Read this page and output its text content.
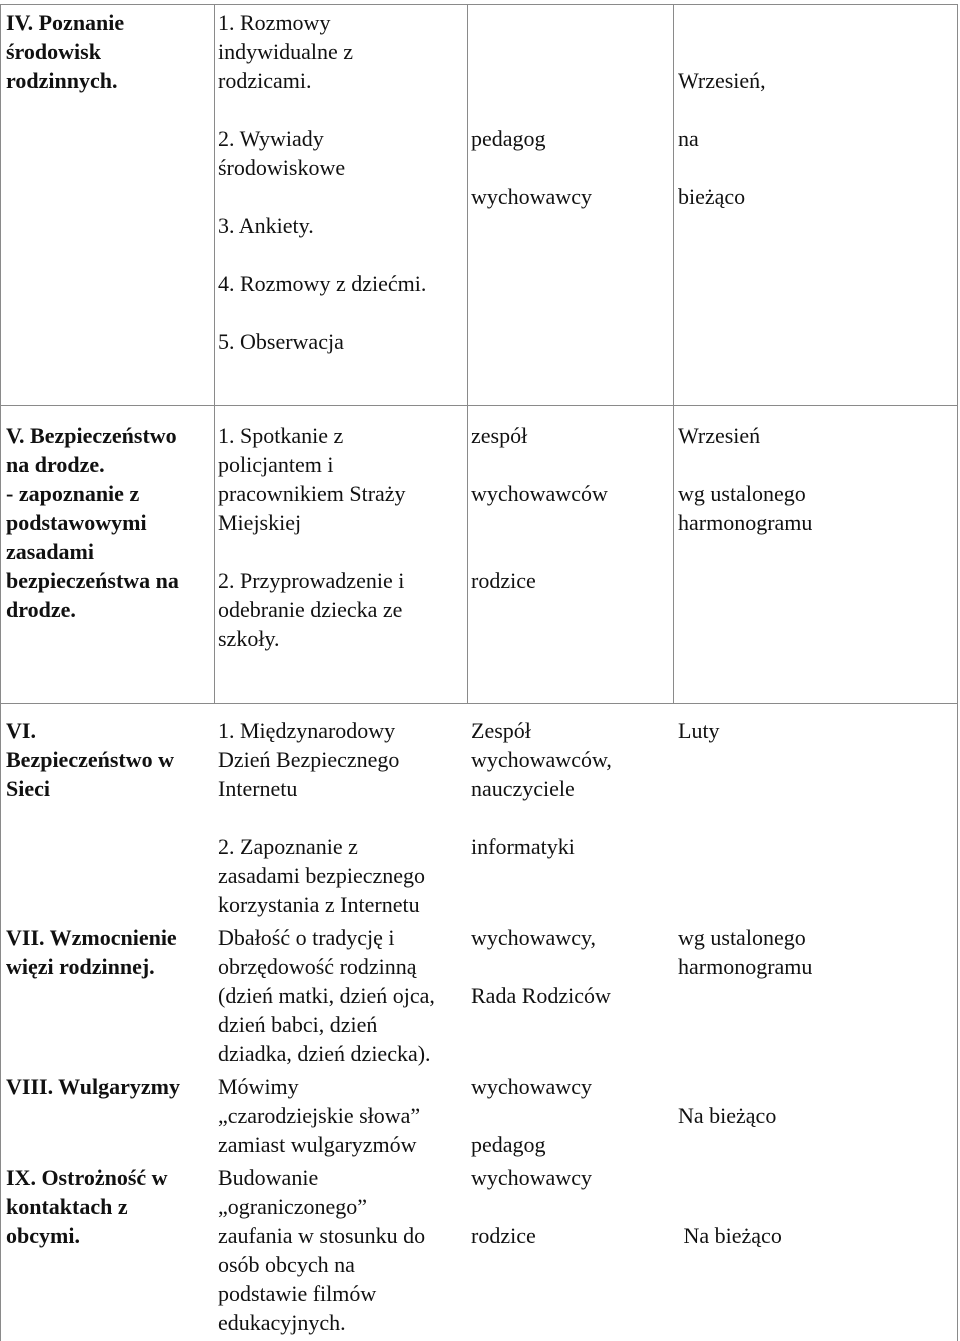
IV. Poznanie

środowisk

rodzinnych.

1. Rozmowy

indywidualne z

rodzicami.

2. Wywiady

środowiskowe

3. Ankiety.

4. Rozmowy z dziećmi.

5. Obserwacja

pedagog

wychowawcy

Wrzesień,

na

bieżąco

V. Bezpieczeństwo

na drodze.

- zapoznanie z

podstawowymi

zasadami

bezpieczeństwa na

drodze.

1. Spotkanie z

policjantem i

pracownikiem Straży

Miejskiej

2. Przyprowadzenie i

odebranie dziecka ze

szkoły.

zespół

wychowawców

rodzice

Wrzesień

wg ustalonego

harmonogramu

VI.

Bezpieczeństwo w

Sieci

1. Międzynarodowy

Dzień Bezpiecznego

Internetu

2. Zapoznanie z

zasadami bezpiecznego

korzystania z Internetu

Zespół

wychowawców,

nauczyciele

informatyki

Luty

VII. Wzmocnienie

więzi rodzinnej.

Dbałość o tradycję i

obrzędowość rodzinną

(dzień matki, dzień ojca,

dzień babci, dzień

dziadka, dzień dziecka).

wychowawcy,

Rada Rodziców

wg ustalonego

harmonogramu

VIII. Wulgaryzmy	Mówimy

„czarodziejskie słowa”

zamiast wulgaryzmów

wychowawcy

pedagog

Na bieżąco

IX. Ostrożność w

kontaktach z

obcymi.

Budowanie

„ograniczonego”

zaufania w stosunku do

osób obcych na

podstawie filmów

edukacyjnych.

wychowawcy

rodzice

	Na bieżąco
